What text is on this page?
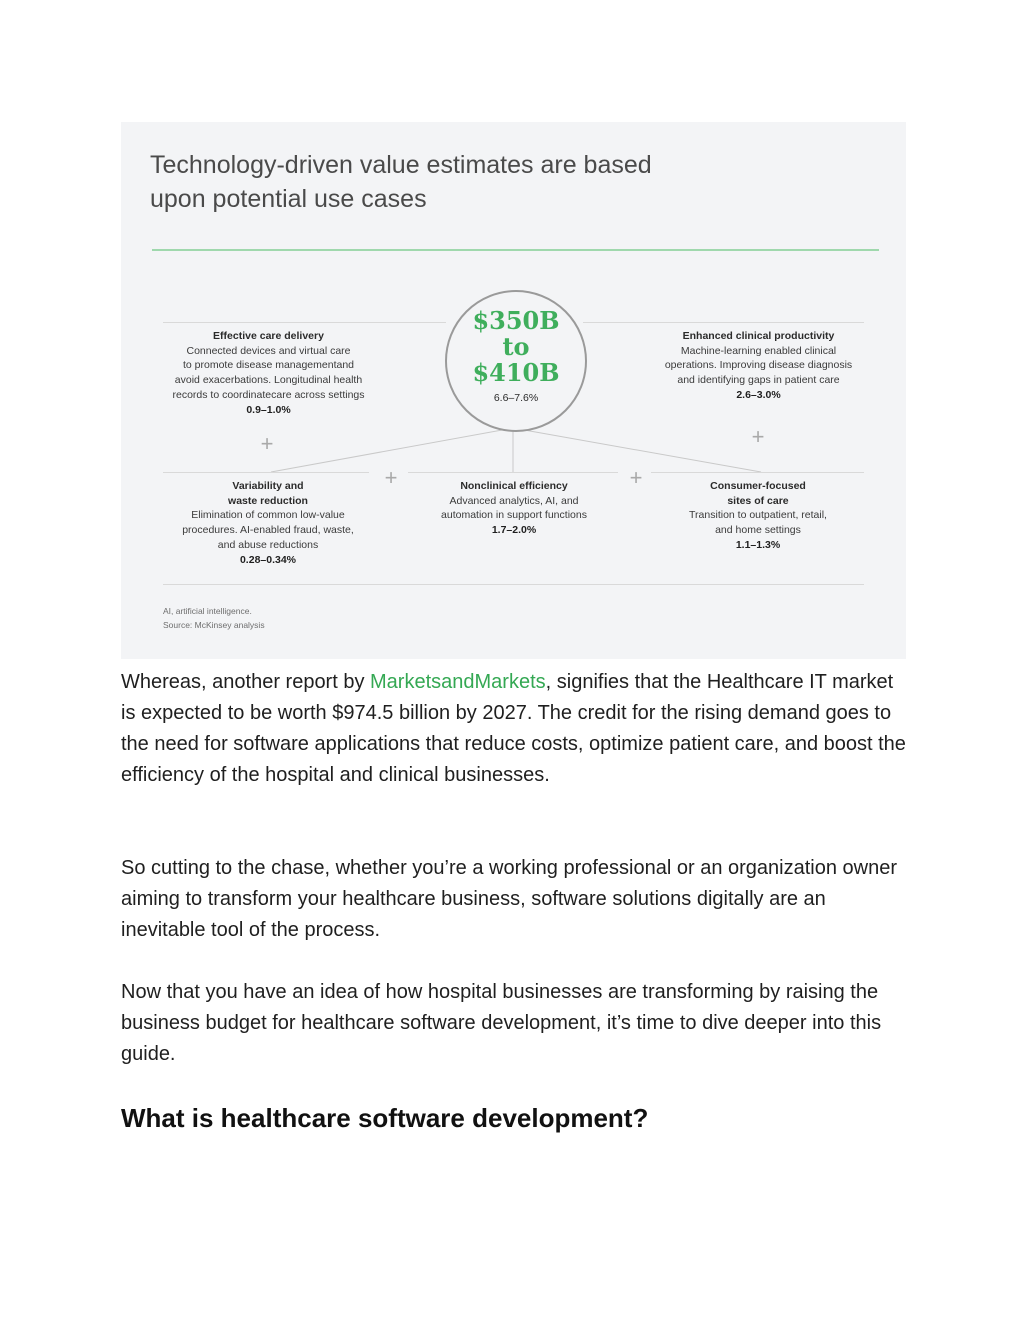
Technology-driven value estimates are based
upon potential use cases
$350B
to
$410B
6.6–7.6%
Effective care delivery
Connected devices and virtual care
to promote disease managementand
avoid exacerbations. Longitudinal health
records to coordinatecare across settings
0.9–1.0%
Enhanced clinical productivity
Machine-learning enabled clinical
operations. Improving disease diagnosis
and identifying gaps in patient care
2.6–3.0%
+	+
+	+
Variability and
waste reduction
Elimination of common low-value
procedures. AI-enabled fraud, waste,
and abuse reductions
0.28–0.34%
Nonclinical efficiency
Advanced analytics, AI, and
automation in support functions
1.7–2.0%
Consumer-focused
sites of care
Transition to outpatient, retail,
and home settings
1.1–1.3%
AI, artificial intelligence.
Source: McKinsey analysis

Whereas, another report by MarketsandMarkets, signifies that the Healthcare IT market is expected to be worth $974.5 billion by 2027. The credit for the rising demand goes to the need for software applications that reduce costs, optimize patient care, and boost the efficiency of the hospital and clinical businesses.

So cutting to the chase, whether you’re a working professional or an organization owner aiming to transform your healthcare business, software solutions digitally are an inevitable tool of the process.

Now that you have an idea of how hospital businesses are transforming by raising the business budget for healthcare software development, it’s time to dive deeper into this guide.

What is healthcare software development?
